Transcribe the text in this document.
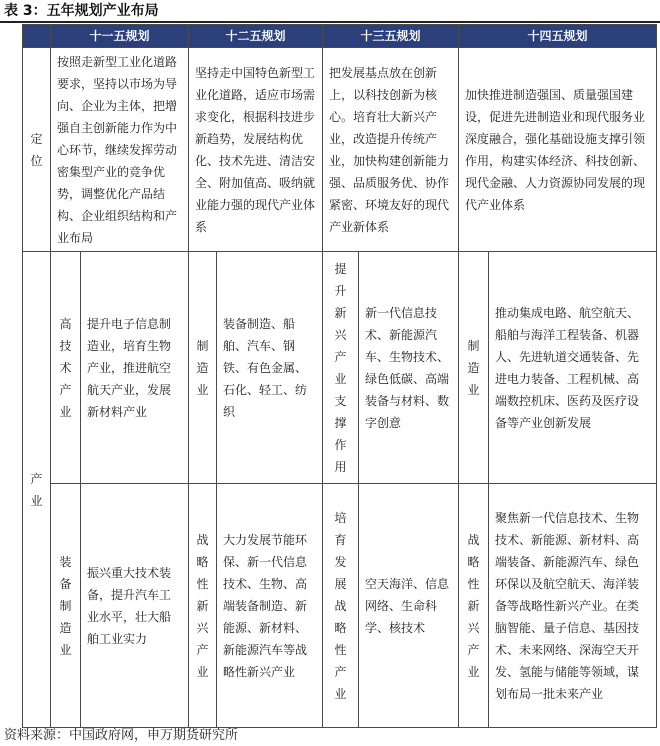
表 3：五年规划产业布局
	十一五规划		十二五规划		十三五规划		十四五规划	

定位	按照走新型工业化道路要求，坚持以市场为导向、企业为主体，把增强自主创新能力作为中心环节，继续发挥劳动密集型产业的竞争优势，调整优化产品结构、企业组织结构和产业布局		坚持走中国特色新型工业化道路，适应市场需求变化，根据科技进步新趋势，发展结构优化、技术先进、清洁安全、附加值高、吸纳就业能力强的现代产业体系		把发展基点放在创新上，以科技创新为核心。培育壮大新兴产业，改造提升传统产业，加快构建创新能力强、品质服务优、协作紧密、环境友好的现代产业新体系		加快推进制造强国、质量强国建设，促进先进制造业和现代服务业深度融合，强化基础设施支撑引领作用，构建实体经济、科技创新、现代金融、人力资源协同发展的现代产业体系	

产业	高技术产业	提升电子信息制造业，培育生物产业，推进航空航天产业，发展新材料产业	制造业	装备制造、船舶、汽车、钢铁、有色金属、石化、轻工、纺织	提升新兴产业支撑作用	新一代信息技术、新能源汽车、生物技术、绿色低碳、高端装备与材料、数字创意	制造业	推动集成电路、航空航天、船舶与海洋工程装备、机器人、先进轨道交通装备、先进电力装备、工程机械、高端数控机床、医药及医疗设备等产业创新发展

	装备制造业	振兴重大技术装备，提升汽车工业水平，壮大船舶工业实力	战略性新兴产业	大力发展节能环保、新一代信息技术、生物、高端装备制造、新能源、新材料、新能源汽车等战略性新兴产业	培育发展战略性产业	空天海洋、信息网络、生命科学、核技术	战略性新兴产业	聚焦新一代信息技术、生物技术、新能源、新材料、高端装备、新能源汽车、绿色环保以及航空航天、海洋装备等战略性新兴产业。在类脑智能、量子信息、基因技术、未来网络、深海空天开发、氢能与储能等领域，谋划布局一批未来产业
资料来源：中国政府网，申万期货研究所
